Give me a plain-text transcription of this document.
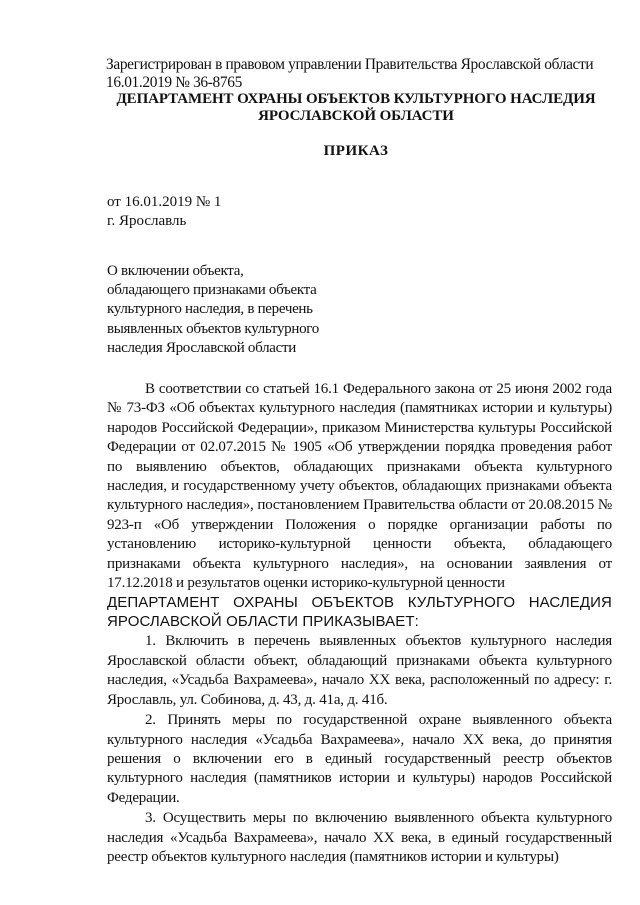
Зарегистрирован в правовом управлении Правительства Ярославской области
16.01.2019 № 36-8765
ДЕПАРТАМЕНТ ОХРАНЫ ОБЪЕКТОВ КУЛЬТУРНОГО НАСЛЕДИЯ
ЯРОСЛАВСКОЙ ОБЛАСТИ
ПРИКАЗ
от 16.01.2019 № 1
г. Ярославль
О включении объекта,
обладающего признаками объекта
культурного наследия, в перечень
выявленных объектов культурного
наследия Ярославской области

В соответствии со статьей 16.1 Федерального закона от 25 июня 2002 года № 73-ФЗ «Об объектах культурного наследия (памятниках истории и культуры) народов Российской Федерации», приказом Министерства культуры Российской Федерации от 02.07.2015 № 1905 «Об утверждении порядка проведения работ по выявлению объектов, обладающих признаками объекта культурного наследия, и государственному учету объектов, обладающих признаками объекта культурного наследия», постановлением Правительства области от 20.08.2015 № 923-п «Об утверждении Положения о порядке организации работы по установлению историко-культурной ценности объекта, обладающего признаками объекта культурного наследия», на основании заявления от 17.12.2018 и результатов оценки историко-культурной ценности

ДЕПАРТАМЕНТ ОХРАНЫ ОБЪЕКТОВ КУЛЬТУРНОГО НАСЛЕДИЯ ЯРОСЛАВСКОЙ ОБЛАСТИ ПРИКАЗЫВАЕТ:

1. Включить в перечень выявленных объектов культурного наследия Ярославской области объект, обладающий признаками объекта культурного наследия, «Усадьба Вахрамеева», начало XX века, расположенный по адресу: г. Ярославль, ул. Собинова, д. 43, д. 41а, д. 41б.

2. Принять меры по государственной охране выявленного объекта культурного наследия «Усадьба Вахрамеева», начало XX века, до принятия решения о включении его в единый государственный реестр объектов культурного наследия (памятников истории и культуры) народов Российской Федерации.

3. Осуществить меры по включению выявленного объекта культурного наследия «Усадьба Вахрамеева», начало XX века, в единый государственный реестр объектов культурного наследия (памятников истории и культуры)
